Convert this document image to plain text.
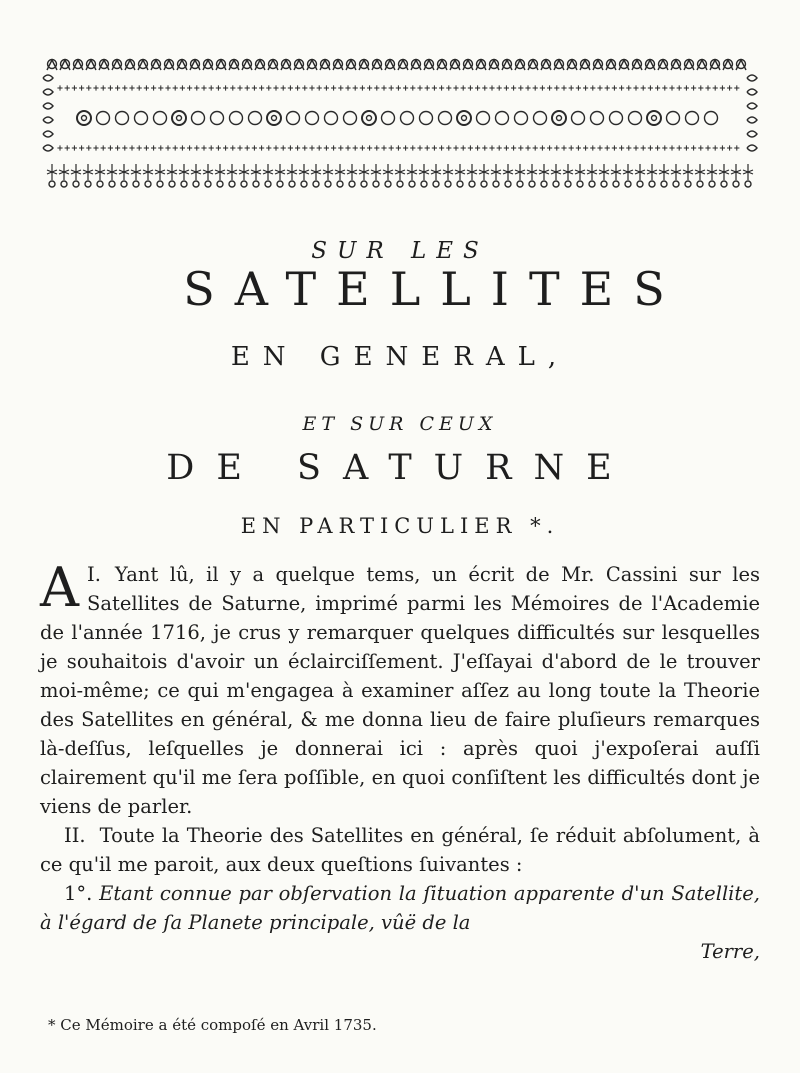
SUR LES
SATELLITES
EN GENERAL,
ET SUR CEUX
DE SATURNE
EN PARTICULIER *.

I.
A Yant lû, il y a quelque tems, un écrit de Mr. Cassini sur les Satellites de Saturne, imprimé parmi les Mémoires de l'Academie de l'année 1716, je crus y remarquer quelques difficultés sur lesquelles je souhaitois d'avoir un éclairciſſement. J'eſſayai d'abord de le trouver moi-même; ce qui m'engagea à examiner aſſez au long toute la Theorie des Satellites en général, & me donna lieu de faire pluſieurs remarques là-deſſus, leſquelles je donnerai ici : après quoi j'expoſerai auſſi clairement qu'il me ſera poſſible, en quoi conſiſtent les difficultés dont je viens de parler.

II. Toute la Theorie des Satellites en général, ſe réduit abſolument, à ce qu'il me paroit, aux deux queſtions ſuivantes :

1°. Etant connue par obſervation la ſituation apparente d'un Satellite, à l'égard de ſa Planete principale, vûë de la

Terre,

* Ce Mémoire a été compoſé en Avril 1735.
